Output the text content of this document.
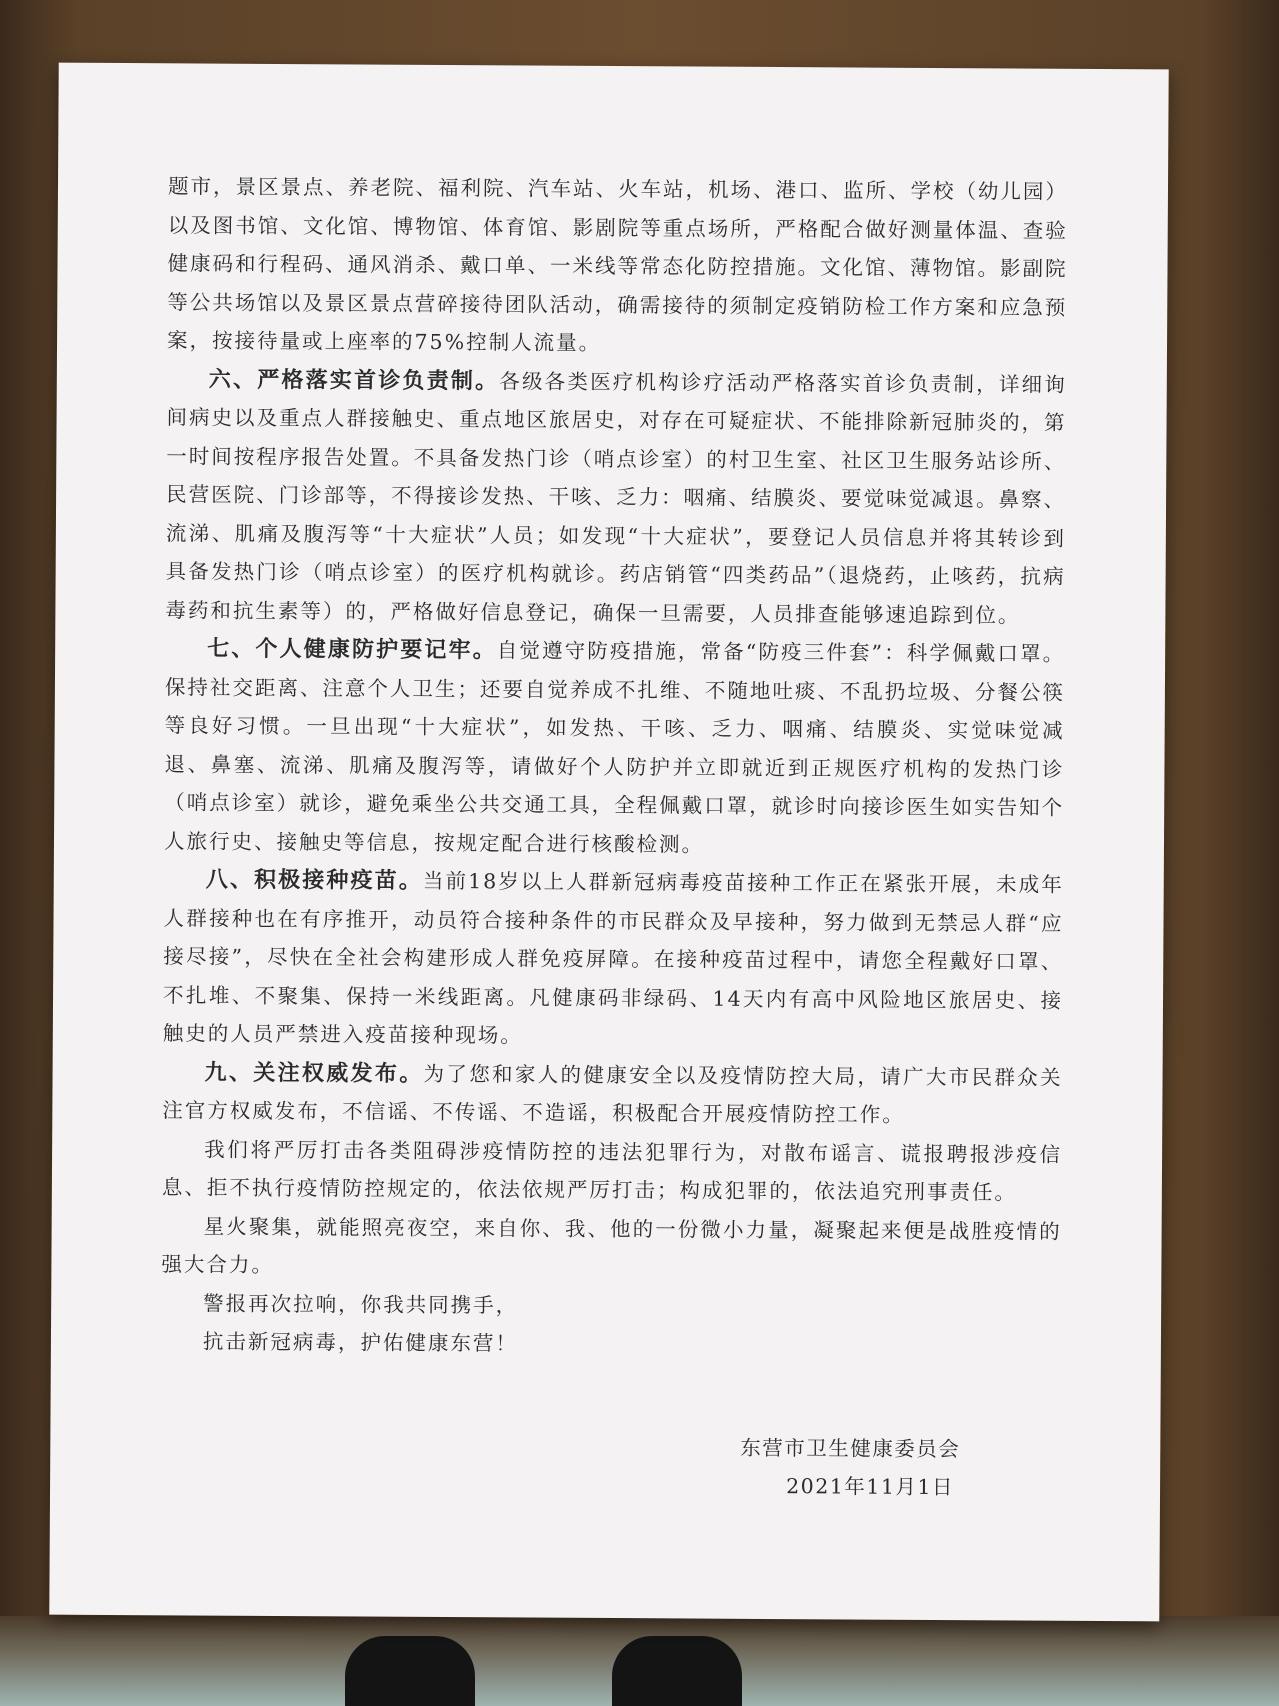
题市，景区景点、养老院、福利院、汽车站、火车站，机场、港口、监所、学校（幼儿园）以及图书馆、文化馆、博物馆、体育馆、影剧院等重点场所，严格配合做好测量体温、查验健康码和行程码、通风消杀、戴口单、一米线等常态化防控措施。文化馆、薄物馆。影副院等公共场馆以及景区景点营碎接待团队活动，确需接待的须制定疫销防检工作方案和应急预案，按接待量或上座率的75%控制人流量。

六、严格落实首诊负责制。各级各类医疗机构诊疗活动严格落实首诊负责制，详细询间病史以及重点人群接触史、重点地区旅居史，对存在可疑症状、不能排除新冠肺炎的，第一时间按程序报告处置。不具备发热门诊（哨点诊室）的村卫生室、社区卫生服务站诊所、民营医院、门诊部等，不得接诊发热、干咳、乏力：咽痛、结膜炎、要觉味觉减退。鼻察、流涕、肌痛及腹泻等“十大症状”人员；如发现“十大症状”，要登记人员信息并将其转诊到具备发热门诊（哨点诊室）的医疗机构就诊。药店销管“四类药品”（退烧药，止咳药，抗病毒药和抗生素等）的，严格做好信息登记，确保一旦需要，人员排查能够速追踪到位。

七、个人健康防护要记牢。自觉遵守防疫措施，常备“防疫三件套”：科学佩戴口罩。保持社交距离、注意个人卫生；还要自觉养成不扎维、不随地吐痰、不乱扔垃圾、分餐公筷等良好习惯。一旦出现“十大症状”，如发热、干咳、乏力、咽痛、结膜炎、实觉味觉减退、鼻塞、流涕、肌痛及腹泻等，请做好个人防护并立即就近到正规医疗机构的发热门诊（哨点诊室）就诊，避免乘坐公共交通工具，全程佩戴口罩，就诊时向接诊医生如实告知个人旅行史、接触史等信息，按规定配合进行核酸检测。

八、积极接种疫苗。当前18岁以上人群新冠病毒疫苗接种工作正在紧张开展，未成年人群接种也在有序推开，动员符合接种条件的市民群众及早接种，努力做到无禁忌人群“应接尽接”，尽快在全社会构建形成人群免疫屏障。在接种疫苗过程中，请您全程戴好口罩、不扎堆、不聚集、保持一米线距离。凡健康码非绿码、14天内有高中风险地区旅居史、接触史的人员严禁进入疫苗接种现场。

九、关注权威发布。为了您和家人的健康安全以及疫情防控大局，请广大市民群众关注官方权威发布，不信谣、不传谣、不造谣，积极配合开展疫情防控工作。

我们将严厉打击各类阻碍涉疫情防控的违法犯罪行为，对散布谣言、谎报聘报涉疫信息、拒不执行疫情防控规定的，依法依规严厉打击；构成犯罪的，依法追究刑事责任。

星火聚集，就能照亮夜空，来自你、我、他的一份微小力量，凝聚起来便是战胜疫情的强大合力。

警报再次拉响，你我共同携手，

抗击新冠病毒，护佑健康东营！

东营市卫生健康委员会

2021年11月1日
